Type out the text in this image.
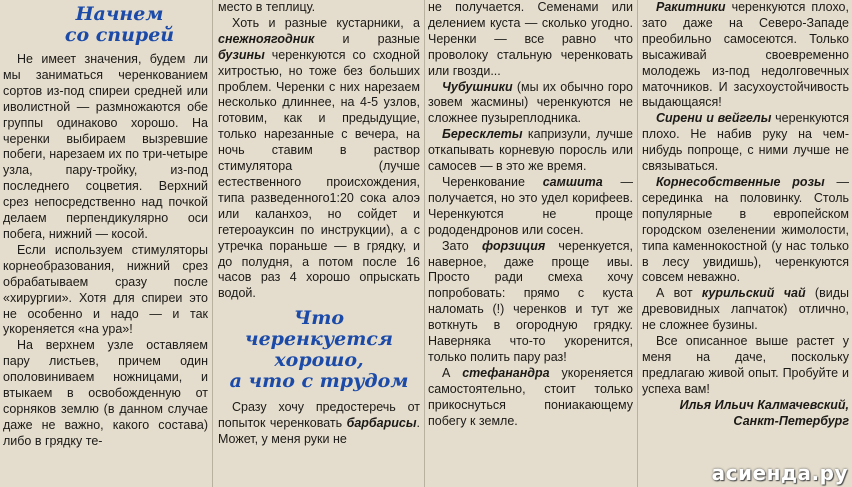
Начнем
со спирей

Не имеет значения, будем ли мы заниматься черенкованием сортов из-под спиреи средней или иволистной — размножаются обе группы одинаково хорошо. На черенки выбираем вызревшие побеги, нарезаем их по три-четыре узла, пару-тройку, из-под последнего соцветия. Верхний срез непосредственно над почкой делаем перпендикулярно оси побега, нижний — косой.

Если используем стимуляторы корнеобразования, нижний срез обрабатываем сразу после «хирургии». Хотя для спиреи это не особенно и надо — и так укореняется «на ура»!

На верхнем узле оставляем пару листьев, причем один ополовиниваем ножницами, и втыкаем в освобожденную от сорняков землю (в данном случае даже не важно, какого состава) либо в грядку те-

место в теплицу.

Хоть и разные кустарники, а снежноягодник и разные бузины черенкуются со сходной хитростью, но тоже без больших проблем. Черенки с них нарезаем несколько длиннее, на 4-5 узлов, готовим, как и предыдущие, только нарезанные с вечера, на ночь ставим в раствор стимулятора (лучше естественного происхождения, типа разведенного1:20 сока алоэ или каланхоэ, но сойдет и гетероауксин по инструкции), а с утречка пораньше — в грядку, и до полудня, а потом после 16 часов раз 4 хорошо опрыскать водой.

Что
черенкуется
хорошо,
а что с трудом

Сразу хочу предостеречь от попыток черенковать барбарисы. Может, у меня руки не

не получается. Семенами или делением куста — сколько угодно. Черенки — все равно что проволоку стальную черенковать или гвозди...

Чубушники (мы их обычно горо зовем жасмины) черенкуются не сложнее пузыреплодника.

Бересклеты капризули, лучше откапывать корневую поросль или самосев — в это же время.

Черенкование самшита — получается, но это удел корифеев. Черенкуются не проще рододендронов или сосен.

Зато форзиция черенкуется, наверное, даже проще ивы. Просто ради смеха хочу попробовать: прямо с куста наломать (!) черенков и тут же воткнуть в огородную грядку. Наверняка что-то укоренится, только полить пару раз!

А стефанандра укореняется самостоятельно, стоит только прикоснуться пониакающему побегу к земле.

Ракитники черенкуются плохо, зато даже на Северо-Западе преобильно самосеются. Только высаживай своевременно молодежь из-под недолговечных маточников. И засухоустойчивость выдающаяся!

Сирени и вейгелы черенкуются плохо. Не набив руку на чем-нибудь попроще, с ними лучше не связываться.

Корнесобственные розы — серединка на половинку. Столь популярные в европейском городском озеленении жимолости, типа каменнокостной (у нас только в лесу увидишь), черенкуются совсем неважно.

А вот курильский чай (виды древовидных лапчаток) отлично, не сложнее бузины.

Все описанное выше растет у меня на даче, поскольку предлагаю живой опыт. Пробуйте и успеха вам!

Илья Ильич Калмачевский, Санкт-Петербург

асиенда.ру
